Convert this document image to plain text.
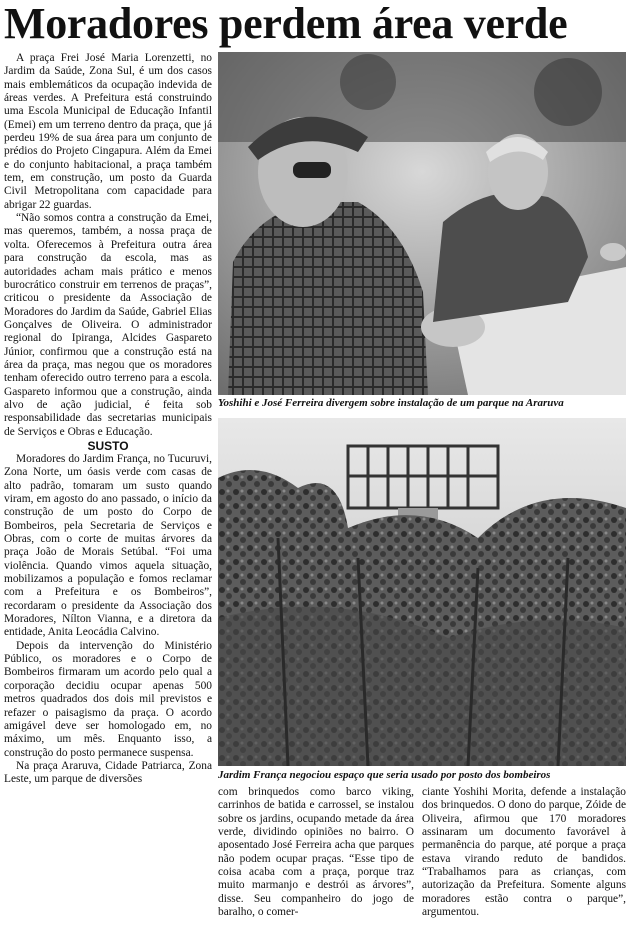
Moradores perdem área verde

A praça Frei José Maria Lorenzetti, no Jardim da Saúde, Zona Sul, é um dos casos mais emblemáticos da ocupação indevida de áreas verdes. A Prefeitura está construindo uma Escola Municipal de Educação Infantil (Emei) em um terreno dentro da praça, que já perdeu 19% de sua área para um conjunto de prédios do Projeto Cingapura. Além da Emei e do conjunto habitacional, a praça também tem, em construção, um posto da Guarda Civil Metropolitana com capacidade para abrigar 22 guardas.

“Não somos contra a construção da Emei, mas queremos, também, a nossa praça de volta. Oferecemos à Prefeitura outra área para construção da escola, mas as autoridades acham mais prático e menos burocrático construir em terrenos de praças”, criticou o presidente da Associação de Moradores do Jardim da Saúde, Gabriel Elias Gonçalves de Oliveira. O administrador regional do Ipiranga, Alcides Gaspareto Júnior, confirmou que a construção está na área da praça, mas negou que os moradores tenham oferecido outro terreno para a escola. Gaspareto informou que a construção, ainda alvo de ação judicial, é feita sob responsabilidade das secretarias municipais de Serviços e Obras e Educação.

SUSTO

Moradores do Jardim França, no Tucuruvi, Zona Norte, um óasis verde com casas de alto padrão, tomaram um susto quando viram, em agosto do ano passado, o início da construção de um posto do Corpo de Bombeiros, pela Secretaria de Serviços e Obras, com o corte de muitas árvores da praça João de Morais Setúbal. “Foi uma violência. Quando vimos aquela situação, mobilizamos a população e fomos reclamar com a Prefeitura e os Bombeiros”, recordaram o presidente da Associação dos Moradores, Nílton Vianna, e a diretora da entidade, Anita Leocádia Calvino.

Depois da intervenção do Ministério Público, os moradores e o Corpo de Bombeiros firmaram um acordo pelo qual a corporação decidiu ocupar apenas 500 metros quadrados dos dois mil previstos e refazer o paisagismo da praça. O acordo amigável deve ser homologado em, no máximo, um mês. Enquanto isso, a construção do posto permanece suspensa.

Na praça Araruva, Cidade Patriarca, Zona Leste, um parque de diversões

Yoshihi e José Ferreira divergem sobre instalação de um parque na Araruva
Jardim França negociou espaço que seria usado por posto dos bombeiros

com brinquedos como barco viking, carrinhos de batida e carrossel, se instalou sobre os jardins, ocupando metade da área verde, dividindo opiniões no bairro. O aposentado José Ferreira acha que parques não podem ocupar praças. “Esse tipo de coisa acaba com a praça, porque traz muito marmanjo e destrói as árvores”, disse. Seu companheiro do jogo de baralho, o comer-

ciante Yoshihi Morita, defende a instalação dos brinquedos. O dono do parque, Zóide de Oliveira, afirmou que 170 moradores assinaram um documento favorável à permanência do parque, até porque a praça estava virando reduto de bandidos. “Trabalhamos para as crianças, com autorização da Prefeitura. Somente alguns moradores estão contra o parque”, argumentou.
